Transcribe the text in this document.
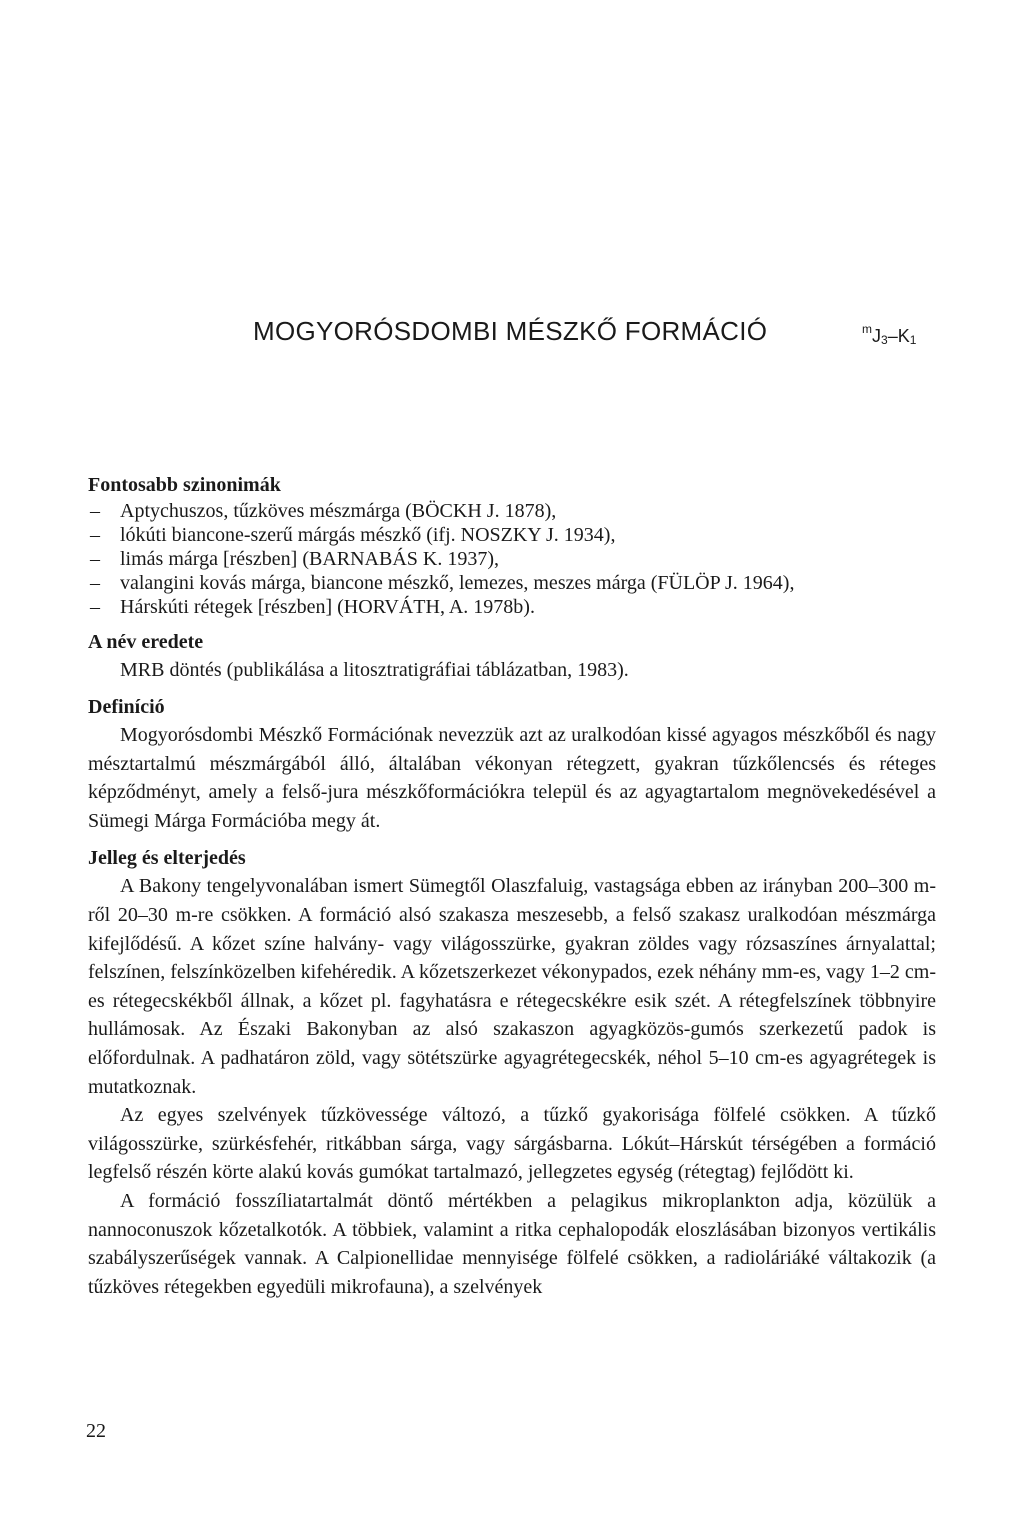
MOGYORÓSDOMBI MÉSZKŐ FORMÁCIÓ	$^mJ_3-K_1$
Fontosabb szinonimák
– Aptychuszos, tűzköves mészmárga (BÖCKH J. 1878),
– lókúti biancone-szerű márgás mészkő (ifj. NOSZKY J. 1934),
– limás márga [részben] (BARNABÁS K. 1937),
– valangini kovás márga, biancone mészkő, lemezes, meszes márga (FÜLÖP J. 1964),
– Hárskúti rétegek [részben] (HORVÁTH, A. 1978b).
A név eredete

MRB döntés (publikálása a litosztratigráfiai táblázatban, 1983).

Definíció

Mogyorósdombi Mészkő Formációnak nevezzük azt az uralkodóan kissé agyagos mészkőből és nagy mésztartalmú mészmárgából álló, általában vékonyan rétegzett, gyakran tűzkőlencsés és réteges képződményt, amely a felső-jura mészkőformációkra települ és az agyagtartalom megnövekedésével a Sümegi Márga Formációba megy át.

Jelleg és elterjedés

A Bakony tengelyvonalában ismert Sümegtől Olaszfaluig, vastagsága ebben az irányban 200–300 m-ről 20–30 m-re csökken. A formáció alsó szakasza meszesebb, a felső szakasz uralkodóan mészmárga kifejlődésű. A kőzet színe halvány- vagy világosszürke, gyakran zöldes vagy rózsaszínes árnyalattal; felszínen, felszínközelben kifehéredik. A kőzetszerkezet vékonypados, ezek néhány mm-es, vagy 1–2 cm-es rétegecskékből állnak, a kőzet pl. fagyhatásra e rétegecskékre esik szét. A rétegfelszínek többnyire hullámosak. Az Északi Bakonyban az alsó szakaszon agyagközös-gumós szerkezetű padok is előfordulnak. A padhatáron zöld, vagy sötétszürke agyagrétegecskék, néhol 5–10 cm-es agyagrétegek is mutatkoznak.

Az egyes szelvények tűzkövessége változó, a tűzkő gyakorisága fölfelé csökken. A tűzkő világosszürke, szürkésfehér, ritkábban sárga, vagy sárgásbarna. Lókút–Hárskút térségében a formáció legfelső részén körte alakú kovás gumókat tartalmazó, jellegzetes egység (rétegtag) fejlődött ki.

A formáció fosszíliatartalmát döntő mértékben a pelagikus mikroplankton adja, közülük a nannoconuszok kőzetalkotók. A többiek, valamint a ritka cephalopodák eloszlásában bizonyos vertikális szabályszerűségek vannak. A Calpionellidae mennyisége fölfelé csökken, a radioláriáké váltakozik (a tűzköves rétegekben egyedüli mikrofauna), a szelvények

22
